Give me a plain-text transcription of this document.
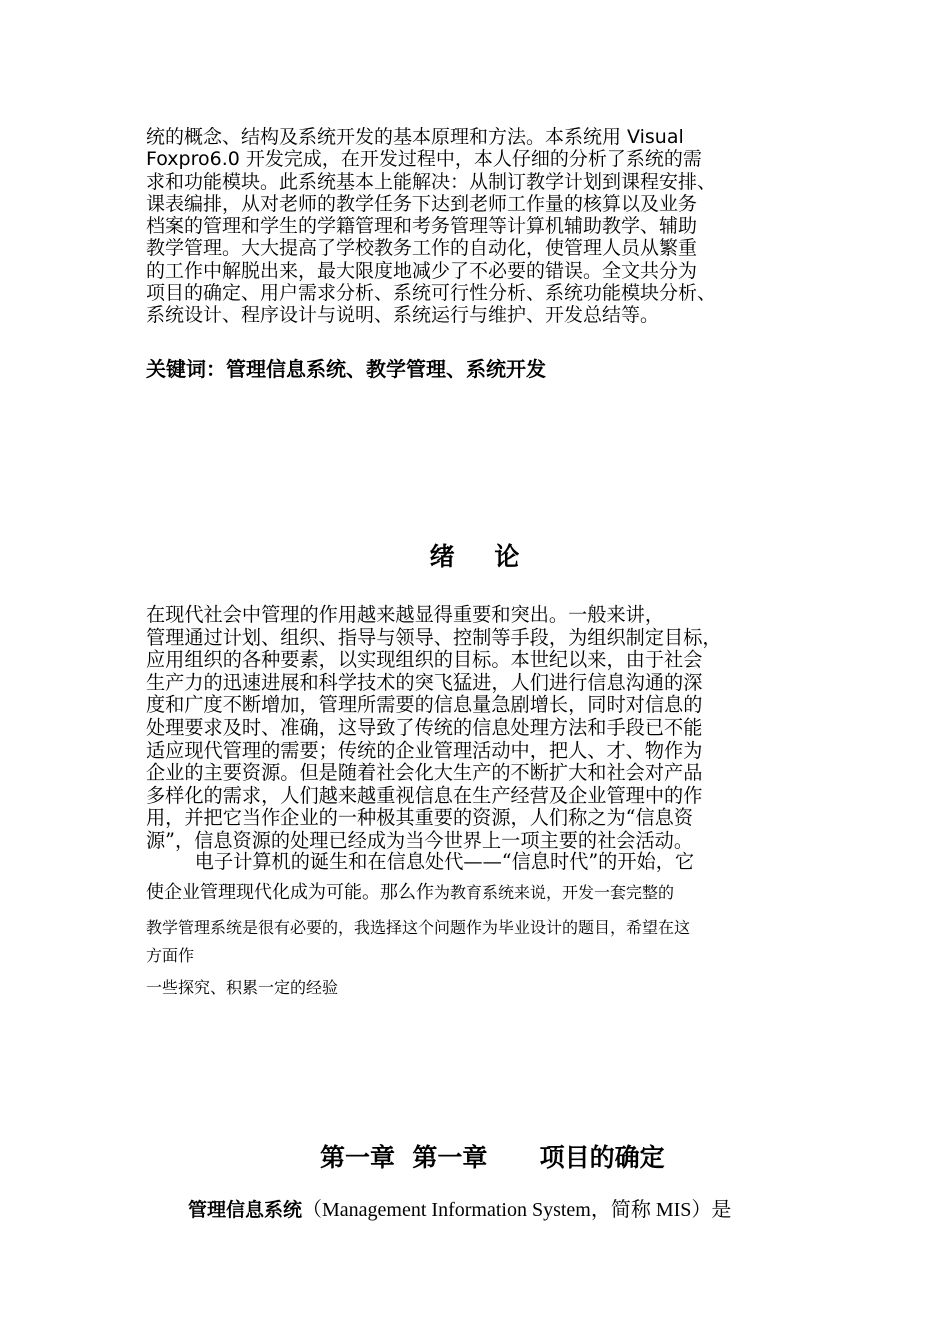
统的概念、结构及系统开发的基本原理和方法。本系统用 Visual
Foxpro6.0 开发完成，在开发过程中，本人仔细的分析了系统的需
求和功能模块。此系统基本上能解决：从制订教学计划到课程安排、
课表编排，从对老师的教学任务下达到老师工作量的核算以及业务
档案的管理和学生的学籍管理和考务管理等计算机辅助教学、辅助
教学管理。大大提高了学校教务工作的自动化，使管理人员从繁重
的工作中解脱出来，最大限度地减少了不必要的错误。全文共分为
项目的确定、用户需求分析、系统可行性分析、系统功能模块分析、
系统设计、程序设计与说明、系统运行与维护、开发总结等。

关键词：管理信息系统、教学管理、系统开发

绪    论

在现代社会中管理的作用越来越显得重要和突出。一般来讲，
管理通过计划、组织、指导与领导、控制等手段，为组织制定目标，
应用组织的各种要素，以实现组织的目标。本世纪以来，由于社会
生产力的迅速进展和科学技术的突飞猛进，人们进行信息沟通的深
度和广度不断增加，管理所需要的信息量急剧增长，同时对信息的
处理要求及时、准确，这导致了传统的信息处理方法和手段已不能
适应现代管理的需要；传统的企业管理活动中，把人、才、物作为
企业的主要资源。但是随着社会化大生产的不断扩大和社会对产品
多样化的需求，人们越来越重视信息在生产经营及企业管理中的作
用，并把它当作企业的一种极其重要的资源，人们称之为“信息资
源”，信息资源的处理已经成为当今世界上一项主要的社会活动。

电子计算机的诞生和在信息处代——“信息时代”的开始，它

使企业管理现代化成为可能。那么作为教育系统来说，开发一套完整的

教学管理系统是很有必要的，我选择这个问题作为毕业设计的题目，希望在这

方面作

一些探究、积累一定的经验

第一章  第一章      项目的确定

管理信息系统（Management Information System，简称 MIS）是
